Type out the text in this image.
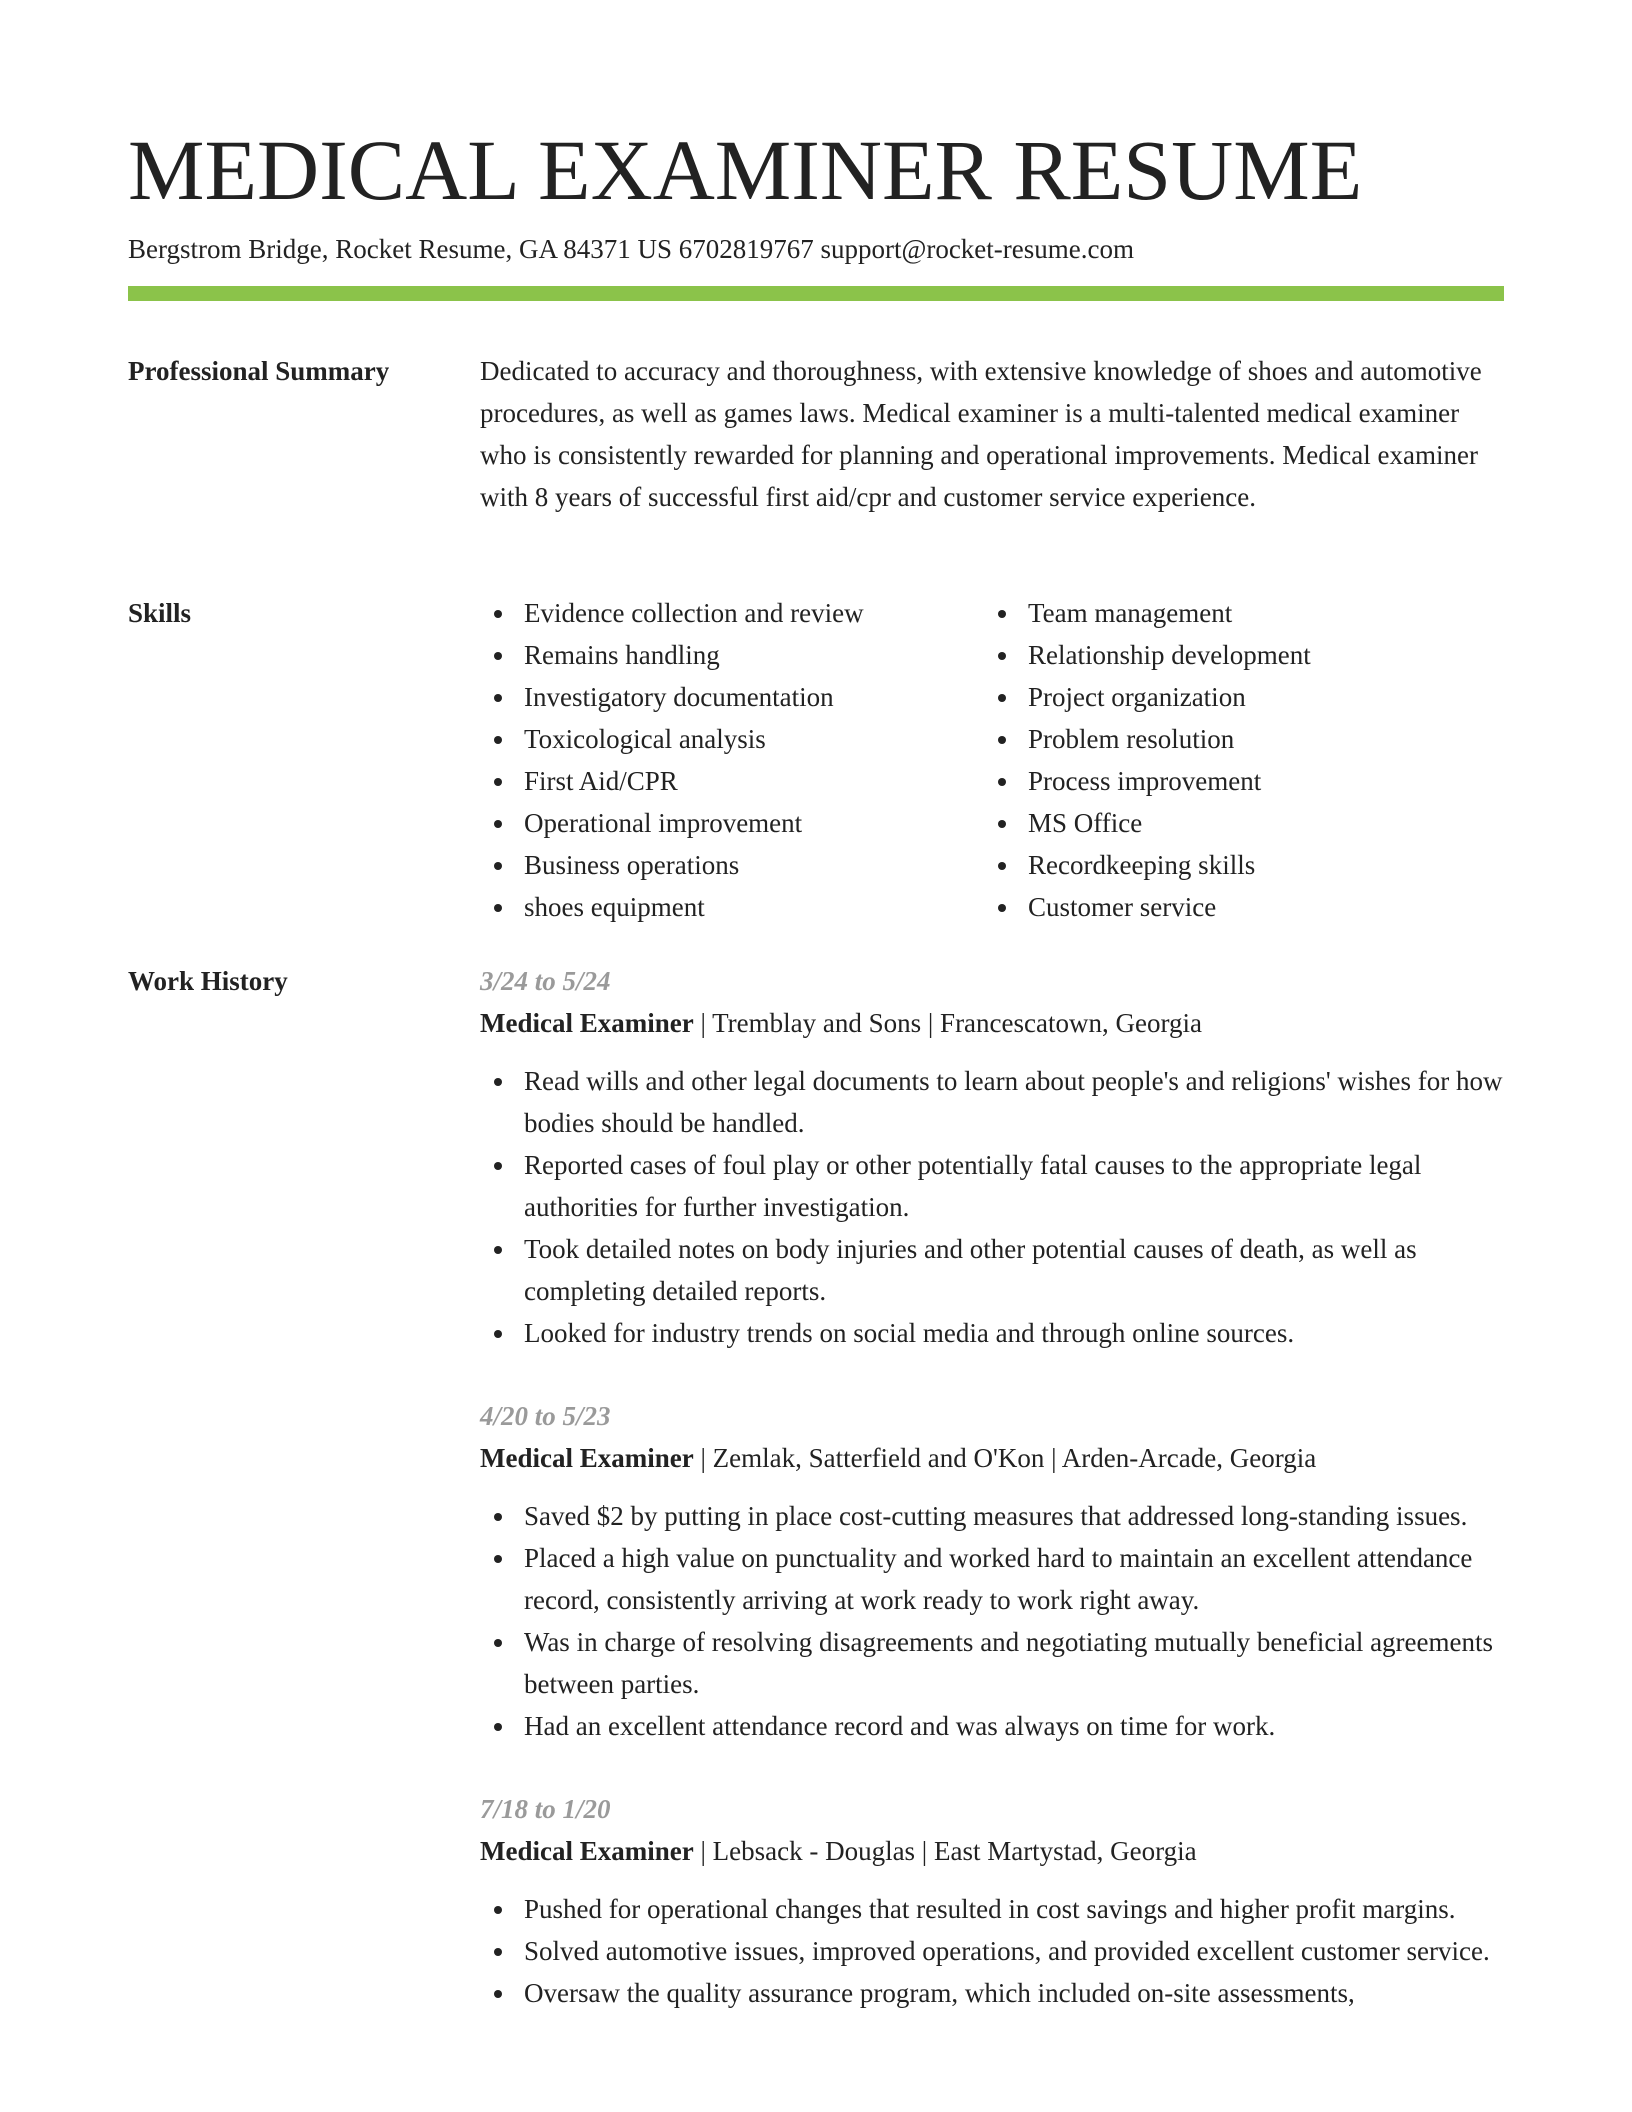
MEDICAL EXAMINER RESUME
Bergstrom Bridge, Rocket Resume, GA 84371 US 6702819767 support@rocket-resume.com
Professional Summary	Dedicated to accuracy and thoroughness, with extensive knowledge of shoes and automotive procedures, as well as games laws. Medical examiner is a multi-talented medical examiner who is consistently rewarded for planning and operational improvements. Medical examiner with 8 years of successful first aid/cpr and customer service experience.

Skills	Evidence collection and review
Remains handling
Investigatory documentation
Toxicological analysis
First Aid/CPR
Operational improvement
Business operations
shoes equipment
Team management
Relationship development
Project organization
Problem resolution
Process improvement
MS Office
Recordkeeping skills
Customer service
Work History	3/24 to 5/24
Medical Examiner | Tremblay and Sons | Francescatown, Georgia
Read wills and other legal documents to learn about people's and religions' wishes for how bodies should be handled.
Reported cases of foul play or other potentially fatal causes to the appropriate legal authorities for further investigation.
Took detailed notes on body injuries and other potential causes of death, as well as completing detailed reports.
Looked for industry trends on social media and through online sources.
4/20 to 5/23
Medical Examiner | Zemlak, Satterfield and O'Kon | Arden-Arcade, Georgia
Saved $2 by putting in place cost-cutting measures that addressed long-standing issues.
Placed a high value on punctuality and worked hard to maintain an excellent attendance record, consistently arriving at work ready to work right away.
Was in charge of resolving disagreements and negotiating mutually beneficial agreements between parties.
Had an excellent attendance record and was always on time for work.
7/18 to 1/20
Medical Examiner | Lebsack - Douglas | East Martystad, Georgia
Pushed for operational changes that resulted in cost savings and higher profit margins.
Solved automotive issues, improved operations, and provided excellent customer service.
Oversaw the quality assurance program, which included on-site assessments,
